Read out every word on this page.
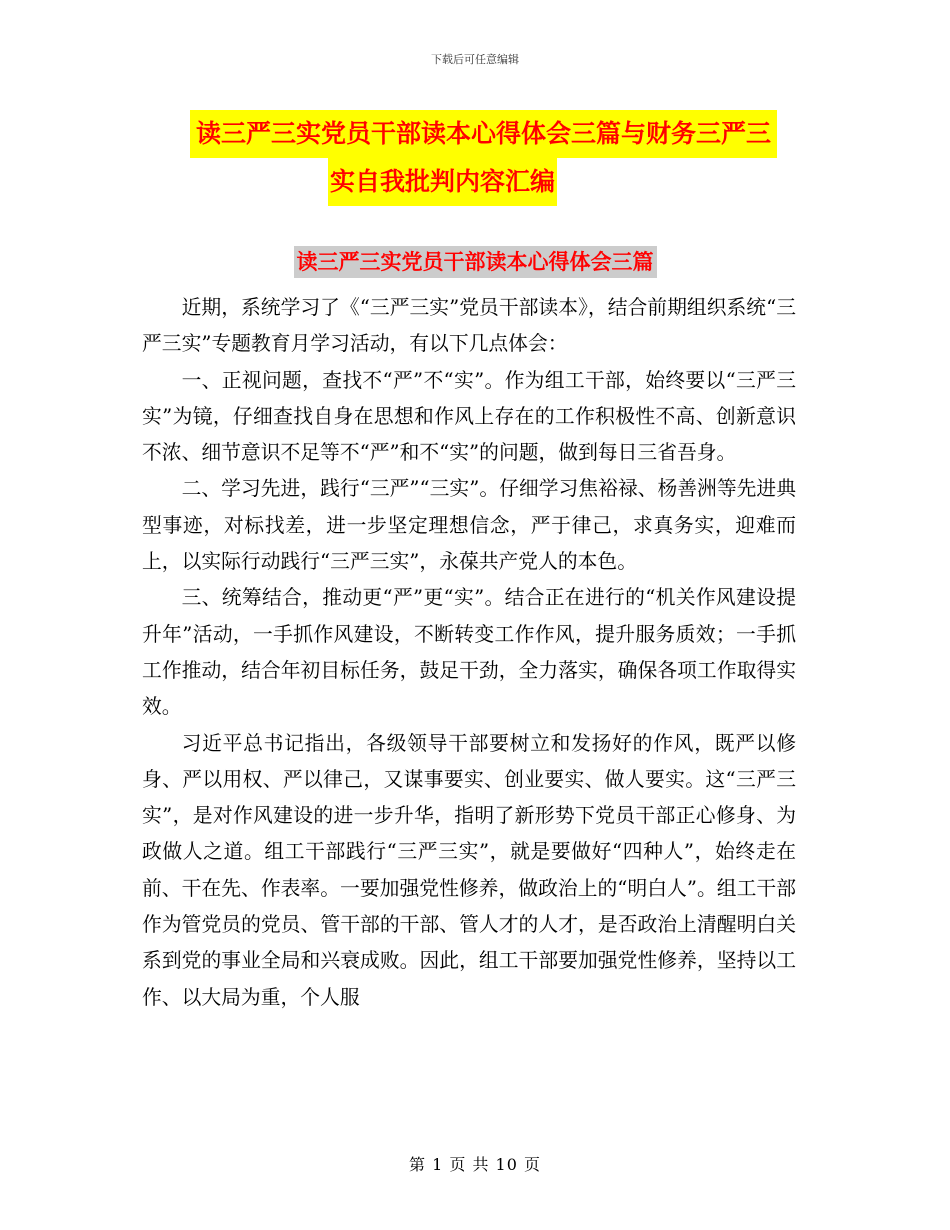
下载后可任意编辑
读三严三实党员干部读本心得体会三篇与财务三严三
实自我批判内容汇编
读三严三实党员干部读本心得体会三篇

近期，系统学习了《“三严三实”党员干部读本》，结合前期组织系统“三严三实”专题教育月学习活动，有以下几点体会：

一、正视问题，查找不“严”不“实”。作为组工干部，始终要以“三严三实”为镜，仔细查找自身在思想和作风上存在的工作积极性不高、创新意识不浓、细节意识不足等不“严”和不“实”的问题，做到每日三省吾身。

二、学习先进，践行“三严”“三实”。仔细学习焦裕禄、杨善洲等先进典型事迹，对标找差，进一步坚定理想信念，严于律己，求真务实，迎难而上，以实际行动践行“三严三实”，永葆共产党人的本色。

三、统筹结合，推动更“严”更“实”。结合正在进行的“机关作风建设提升年”活动，一手抓作风建设，不断转变工作作风，提升服务质效；一手抓工作推动，结合年初目标任务，鼓足干劲，全力落实，确保各项工作取得实效。

习近平总书记指出，各级领导干部要树立和发扬好的作风，既严以修身、严以用权、严以律己，又谋事要实、创业要实、做人要实。这“三严三实”，是对作风建设的进一步升华，指明了新形势下党员干部正心修身、为政做人之道。组工干部践行“三严三实”，就是要做好“四种人”，始终走在前、干在先、作表率。一要加强党性修养，做政治上的“明白人”。组工干部作为管党员的党员、管干部的干部、管人才的人才，是否政治上清醒明白关系到党的事业全局和兴衰成败。因此，组工干部要加强党性修养，坚持以工作、以大局为重，个人服

第 1 页 共 10 页
